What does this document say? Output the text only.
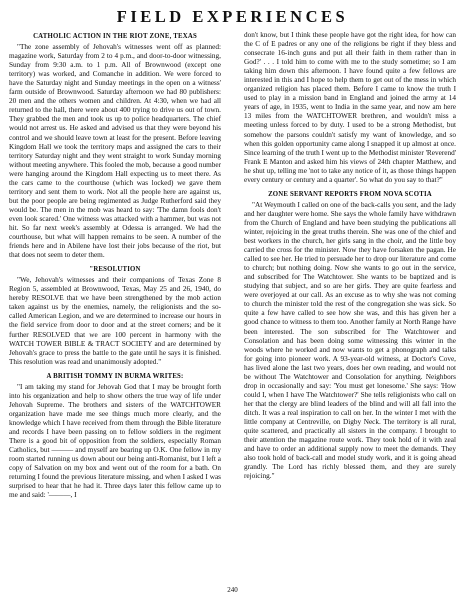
FIELD EXPERIENCES
CATHOLIC ACTION IN THE RIOT ZONE, TEXAS

"The zone assembly of Jehovah's witnesses went off as planned: magazine work, Saturday from 2 to 4 p.m., and door-to-door witnessing, Sunday from 9:30 a.m. to 1 p.m. All of Brownwood (except one territory) was worked, and Comanche in addition. We were forced to have the Saturday night and Sunday meetings in the open on a witness' farm outside of Brownwood. Saturday afternoon we had 80 publishers: 20 men and the others women and children. At 4:30, when we had all returned to the hall, there were about 400 trying to drive us out of town. They grabbed the men and took us up to police headquarters. The chief would not arrest us. He asked and advised us that they were beyond his control and we should leave town at least for the present. Before leaving Kingdom Hall we took the territory maps and assigned the cars to their territory Saturday night and they went straight to work Sunday morning without meeting anywhere. This fooled the mob, because a good number were hanging around the Kingdom Hall expecting us to meet there. As the cars came to the courthouse (which was locked) we gave them territory and sent them to work. Not all the people here are against us, but the poor people are being regimented as Judge Rutherford said they would be. The men in the mob was heard to say: 'The damn fools don't even look scared.' One witness was attacked with a hammer, but was not hit. So far next week's assembly at Odessa is arranged. We had the courthouse, but what will happen remains to be seen. A number of the friends here and in Abilene have lost their jobs because of the riot, but that does not seem to deter them.

"RESOLUTION

"We, Jehovah's witnesses and their companions of Texas Zone 8 Region 5, assembled at Brownwood, Texas, May 25 and 26, 1940, do hereby RESOLVE that we have been strengthened by the mob action taken against us by the enemies, namely, the religionists and the so-called American Legion, and we are determined to increase our hours in the field service from door to door and at the street corners; and be it further RESOLVED that we are 100 percent in harmony with the WATCH TOWER BIBLE & TRACT SOCIETY and are determined by Jehovah's grace to press the battle to the gate until he says it is finished. This resolution was read and unanimously adopted."

A BRITISH TOMMY IN BURMA WRITES:

"I am taking my stand for Jehovah God that I may be brought forth into his organization and help to show others the true way of life under Jehovah Supreme. The brothers and sisters of the WATCHTOWER organization have made me see things much more clearly, and the knowledge which I have received from them through the Bible literature and records I have been passing on to fellow soldiers in the regiment There is a good bit of opposition from the soldiers, especially Roman Catholics, but ——— and myself are bearing up O.K. One fellow in my room started running us down about our being anti-Romanist, but I left a copy of Salvation on my box and went out of the room for a bath. On returning I found the previous literature missing, and when I asked I was surprised to hear that he had it. Three days later this fellow came up to me and said: '———, I

don't know, but I think these people have got the right idea, for how can the C of E padres or any one of the religions be right if they bless and consecrate 16-inch guns and put all their faith in them rather than in God?' . . . I told him to come with me to the study sometime; so I am taking him down this afternoon. I have found quite a few fellows are interested in this and I hope to help them to get out of the mess in which organized religion has placed them. Before I came to know the truth I used to play in a mission band in England and joined the army at 14 years of age, in 1935, went to India in the same year, and now am here 13 miles from the WATCHTOWER brethren, and wouldn't miss a meeting unless forced to by duty. I used to be a strong Methodist, but somehow the parsons couldn't satisfy my want of knowledge, and so when this golden opportunity came along I snapped it up almost at once. Since learning of the truth I went up to the Methodist minister 'Reverend' Frank E Manton and asked him his views of 24th chapter Matthew, and he shut up, telling me 'not to take any notice of it, as those things happen every century or century and a quarter'. So what do you say to that?"

ZONE SERVANT REPORTS FROM NOVA SCOTIA

"At Weymouth I called on one of the back-calls you sent, and the lady and her daughter were home. She says the whole family have withdrawn from the Church of England and have been studying the publications all winter, rejoicing in the great truths therein. She was one of the chief and best workers in the church, her girls sang in the choir, and the little boy carried the cross for the minister. Now they have forsaken the pagan. He called to see her. He tried to persuade her to drop our literature and come to church; but nothing doing. Now she wants to go out in the service, and subscribed for The Watchtower. She wants to be baptized and is studying that subject, and so are her girls. They are quite fearless and were overjoyed at our call. As an excuse as to why she was not coming to church the minister told the rest of the congregation she was sick. So quite a few have called to see how she was, and this has given her a good chance to witness to them too. Another family at North Range have been interested. The son subscribed for The Watchtower and Consolation and has been doing some witnessing this winter in the woods where he worked and now wants to get a phonograph and talks for going into pioneer work. A 93-year-old witness, at Doctor's Cove, has lived alone the last two years, does her own reading, and would not be without The Watchtower and Consolation for anything. Neighbors drop in occasionally and say: 'You must get lonesome.' She says: 'How could I, when I have The Watchtower?' She tells religionists who call on her that the clergy are blind leaders of the blind and will all fall into the ditch. It was a real inspiration to call on her. In the winter I met with the little company at Centreville, on Digby Neck. The territory is all rural, quite scattered, and practically all sisters in the company. I brought to their attention the magazine route work. They took hold of it with zeal and have to order an additional supply now to meet the demands. They also took hold of back-call and model study work, and it is going ahead grandly. The Lord has richly blessed them, and they are surely rejoicing."

240
